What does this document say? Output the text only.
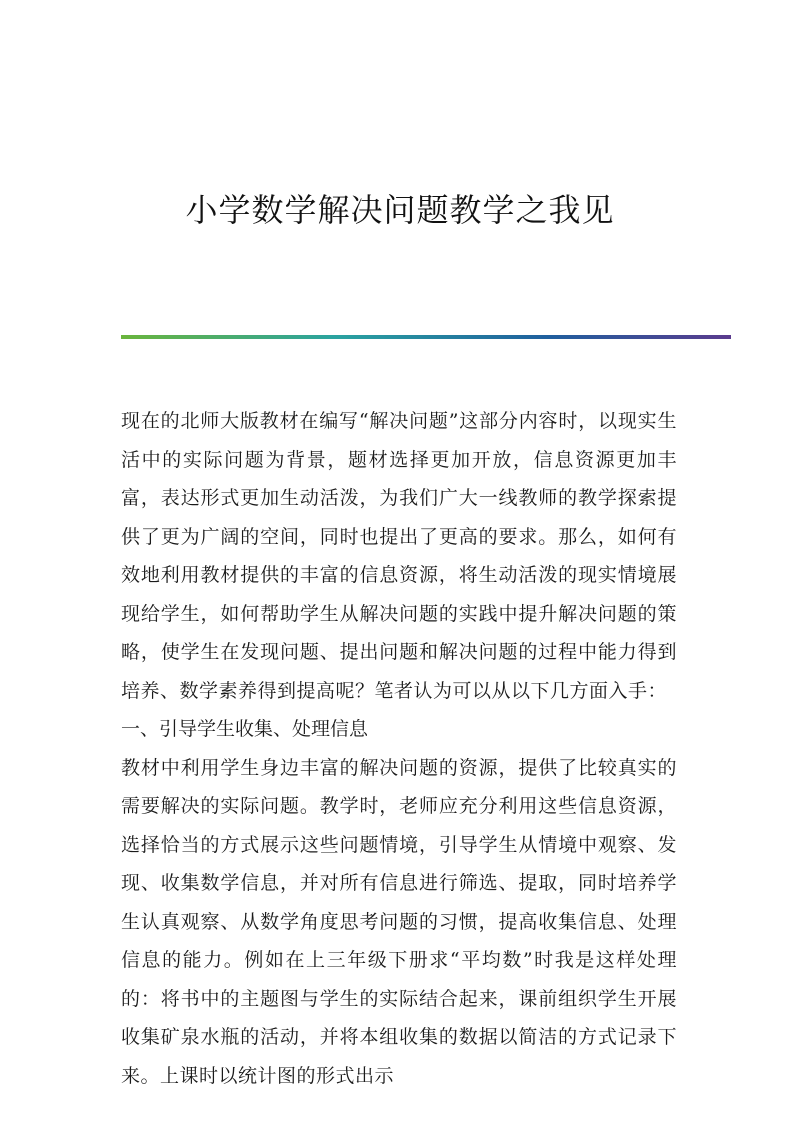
小学数学解决问题教学之我见

现在的北师大版教材在编写“解决问题”这部分内容时，以现实生活中的实际问题为背景，题材选择更加开放，信息资源更加丰富，表达形式更加生动活泼，为我们广大一线教师的教学探索提供了更为广阔的空间，同时也提出了更高的要求。那么，如何有效地利用教材提供的丰富的信息资源，将生动活泼的现实情境展现给学生，如何帮助学生从解决问题的实践中提升解决问题的策略，使学生在发现问题、提出问题和解决问题的过程中能力得到培养、数学素养得到提高呢？笔者认为可以从以下几方面入手：

一、引导学生收集、处理信息

教材中利用学生身边丰富的解决问题的资源，提供了比较真实的需要解决的实际问题。教学时，老师应充分利用这些信息资源，选择恰当的方式展示这些问题情境，引导学生从情境中观察、发现、收集数学信息，并对所有信息进行筛选、提取，同时培养学生认真观察、从数学角度思考问题的习惯，提高收集信息、处理信息的能力。例如在上三年级下册求“平均数”时我是这样处理的：将书中的主题图与学生的实际结合起来，课前组织学生开展收集矿泉水瓶的活动，并将本组收集的数据以简洁的方式记录下来。上课时以统计图的形式出示
